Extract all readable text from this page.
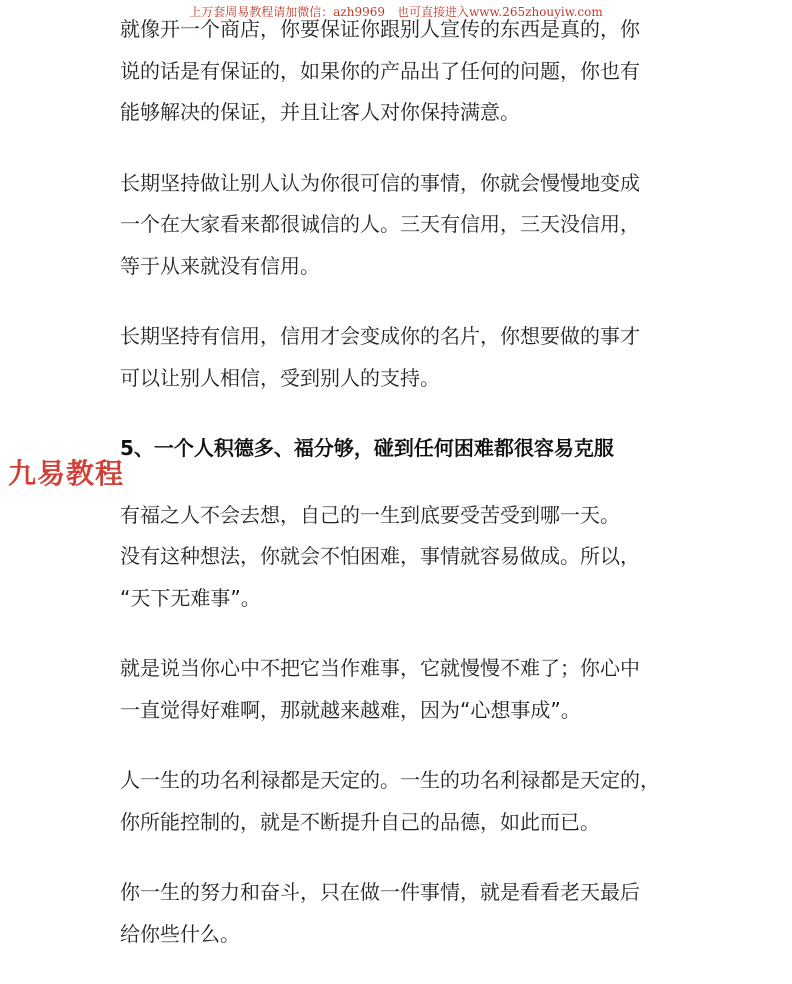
上万套周易教程请加微信：azh9969　也可直接进入www.265zhouyiw.com
就像开一个商店，你要保证你跟别人宣传的东西是真的，你
说的话是有保证的，如果你的产品出了任何的问题，你也有
能够解决的保证，并且让客人对你保持满意。
长期坚持做让别人认为你很可信的事情，你就会慢慢地变成
一个在大家看来都很诚信的人。三天有信用，三天没信用，
等于从来就没有信用。
长期坚持有信用，信用才会变成你的名片，你想要做的事才
可以让别人相信，受到别人的支持。
5、一个人积德多、福分够，碰到任何困难都很容易克服
有福之人不会去想，自己的一生到底要受苦受到哪一天。
没有这种想法，你就会不怕困难，事情就容易做成。所以，
“天下无难事”。
就是说当你心中不把它当作难事，它就慢慢不难了；你心中
一直觉得好难啊，那就越来越难，因为“心想事成”。
人一生的功名利禄都是天定的。一生的功名利禄都是天定的，
你所能控制的，就是不断提升自己的品德，如此而已。
你一生的努力和奋斗，只在做一件事情，就是看看老天最后
给你些什么。
九易教程
